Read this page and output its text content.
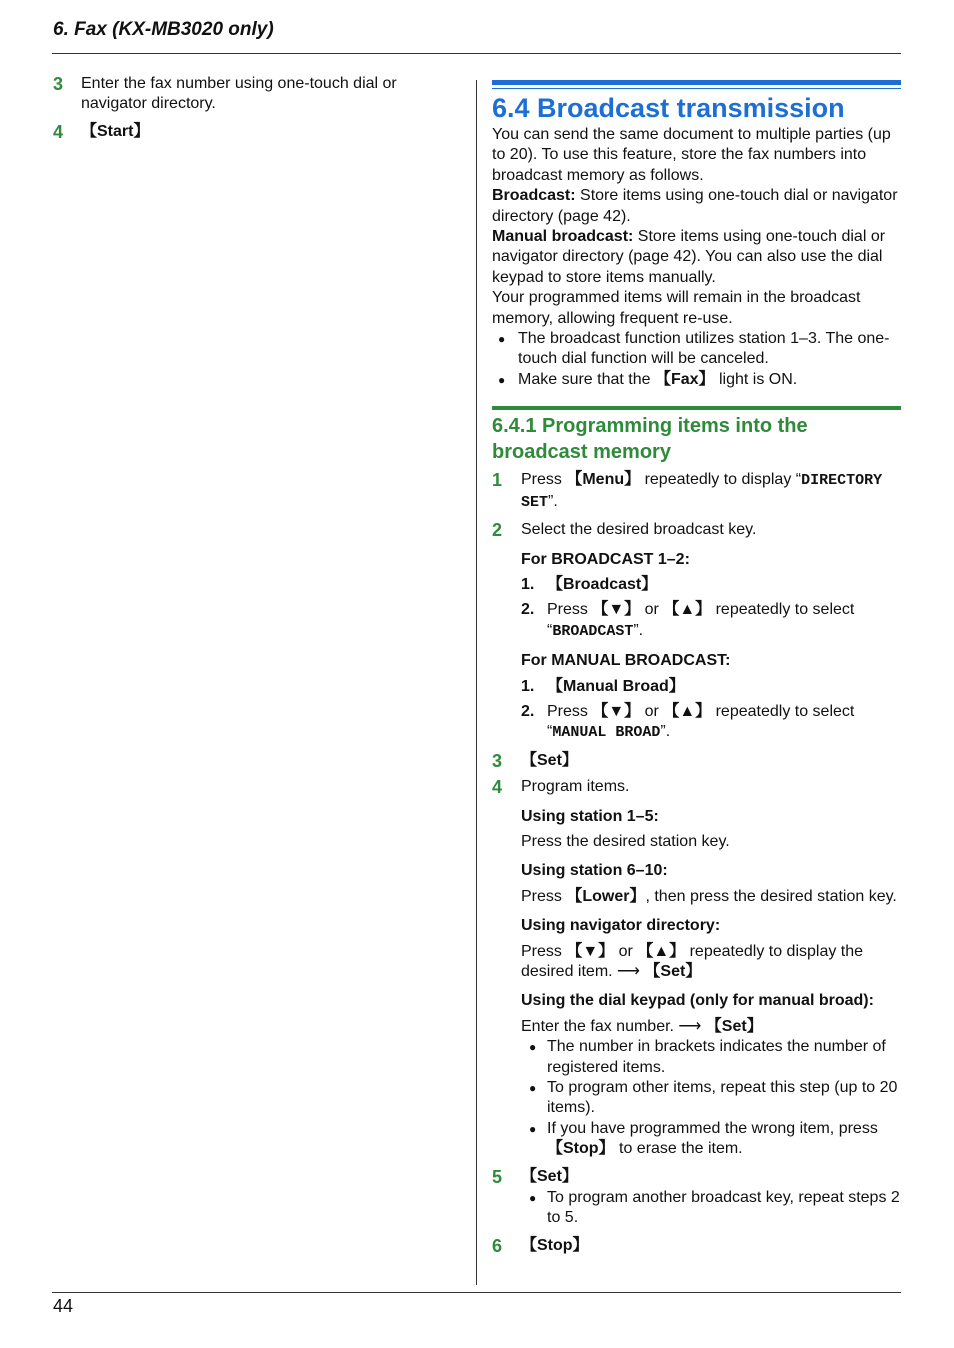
6. Fax (KX-MB3020 only)
3	Enter the fax number using one-touch dial or navigator directory.
4	【Start】
6.4 Broadcast transmission
You can send the same document to multiple parties (up to 20). To use this feature, store the fax numbers into broadcast memory as follows.
Broadcast: Store items using one-touch dial or navigator directory (page 42).
Manual broadcast: Store items using one-touch dial or navigator directory (page 42). You can also use the dial keypad to store items manually.
Your programmed items will remain in the broadcast memory, allowing frequent re-use.
● The broadcast function utilizes station 1–3. The one-touch dial function will be canceled.
● Make sure that the 【Fax】 light is ON.
6.4.1 Programming items into the broadcast memory
1	Press 【Menu】 repeatedly to display “DIRECTORY SET”.
2	Select the desired broadcast key.
For BROADCAST 1–2:
1. 【Broadcast】
2. Press 【▼】 or 【▲】 repeatedly to select “BROADCAST”.
For MANUAL BROADCAST:
1. 【Manual Broad】
2. Press 【▼】 or 【▲】 repeatedly to select “MANUAL BROAD”.
3	【Set】
4	Program items.
Using station 1–5:
Press the desired station key.
Using station 6–10:
Press 【Lower】, then press the desired station key.
Using navigator directory:
Press 【▼】 or 【▲】 repeatedly to display the desired item. ⟶ 【Set】
Using the dial keypad (only for manual broad):
Enter the fax number. ⟶ 【Set】
● The number in brackets indicates the number of registered items.
● To program other items, repeat this step (up to 20 items).
● If you have programmed the wrong item, press 【Stop】 to erase the item.
5	【Set】
● To program another broadcast key, repeat steps 2 to 5.
6	【Stop】
44
